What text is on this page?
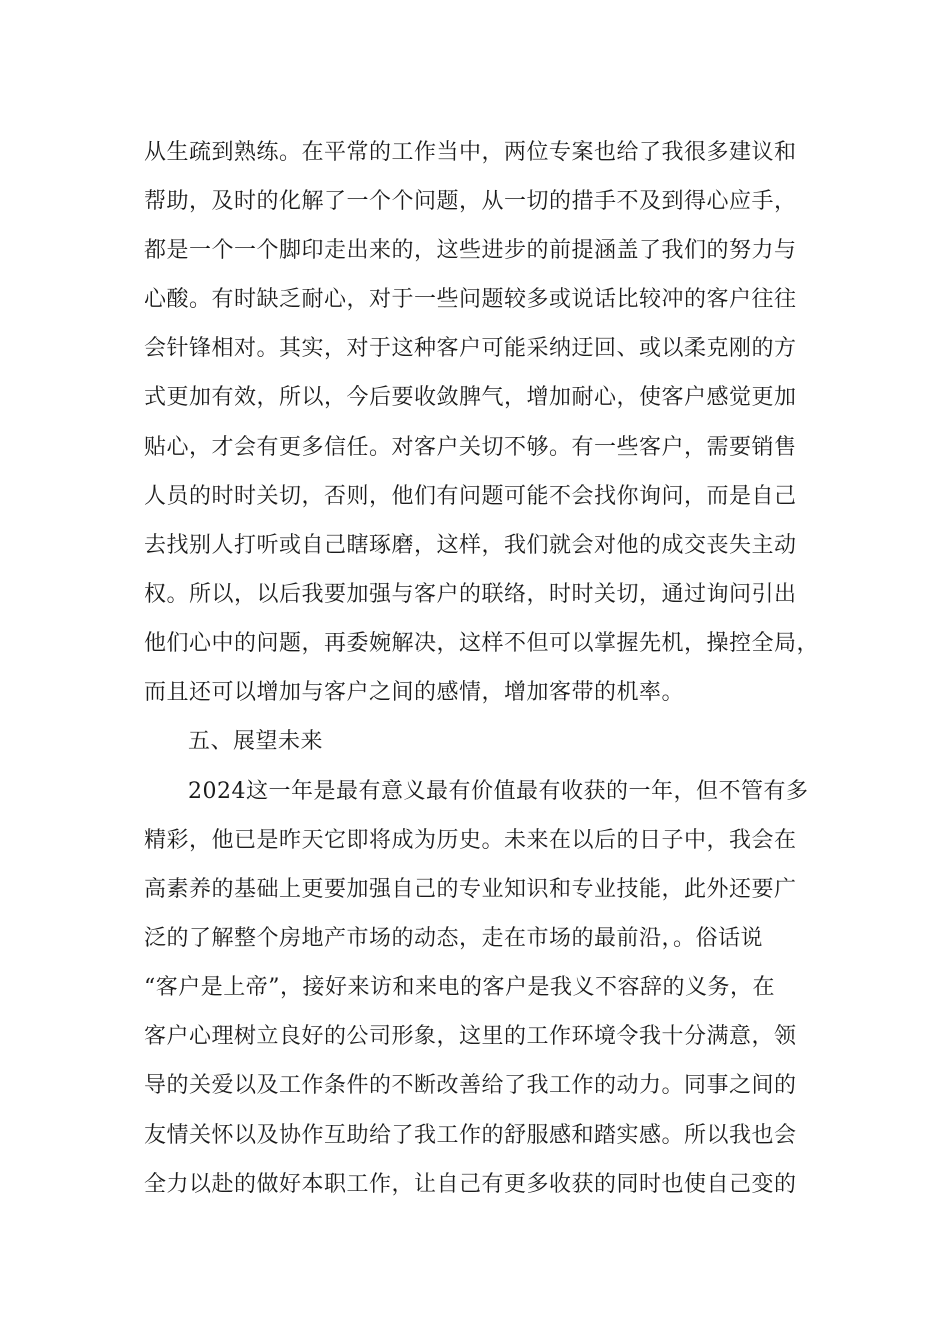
从生疏到熟练。在平常的工作当中，两位专案也给了我很多建议和
帮助，及时的化解了一个个问题，从一切的措手不及到得心应手，
都是一个一个脚印走出来的，这些进步的前提涵盖了我们的努力与
心酸。有时缺乏耐心，对于一些问题较多或说话比较冲的客户往往
会针锋相对。其实，对于这种客户可能采纳迂回、或以柔克刚的方
式更加有效，所以，今后要收敛脾气，增加耐心，使客户感觉更加
贴心，才会有更多信任。对客户关切不够。有一些客户，需要销售
人员的时时关切，否则，他们有问题可能不会找你询问，而是自己
去找别人打听或自己瞎琢磨，这样，我们就会对他的成交丧失主动
权。所以，以后我要加强与客户的联络，时时关切，通过询问引出
他们心中的问题，再委婉解决，这样不但可以掌握先机，操控全局，
而且还可以增加与客户之间的感情，增加客带的机率。
五、展望未来
2024这一年是最有意义最有价值最有收获的一年，但不管有多
精彩，他已是昨天它即将成为历史。未来在以后的日子中，我会在
高素养的基础上更要加强自己的专业知识和专业技能，此外还要广
泛的了解整个房地产市场的动态，走在市场的最前沿，。俗话说
“客户是上帝”，接好来访和来电的客户是我义不容辞的义务，在
客户心理树立良好的公司形象，这里的工作环境令我十分满意，领
导的关爱以及工作条件的不断改善给了我工作的动力。同事之间的
友情关怀以及协作互助给了我工作的舒服感和踏实感。所以我也会
全力以赴的做好本职工作，让自己有更多收获的同时也使自己变的
